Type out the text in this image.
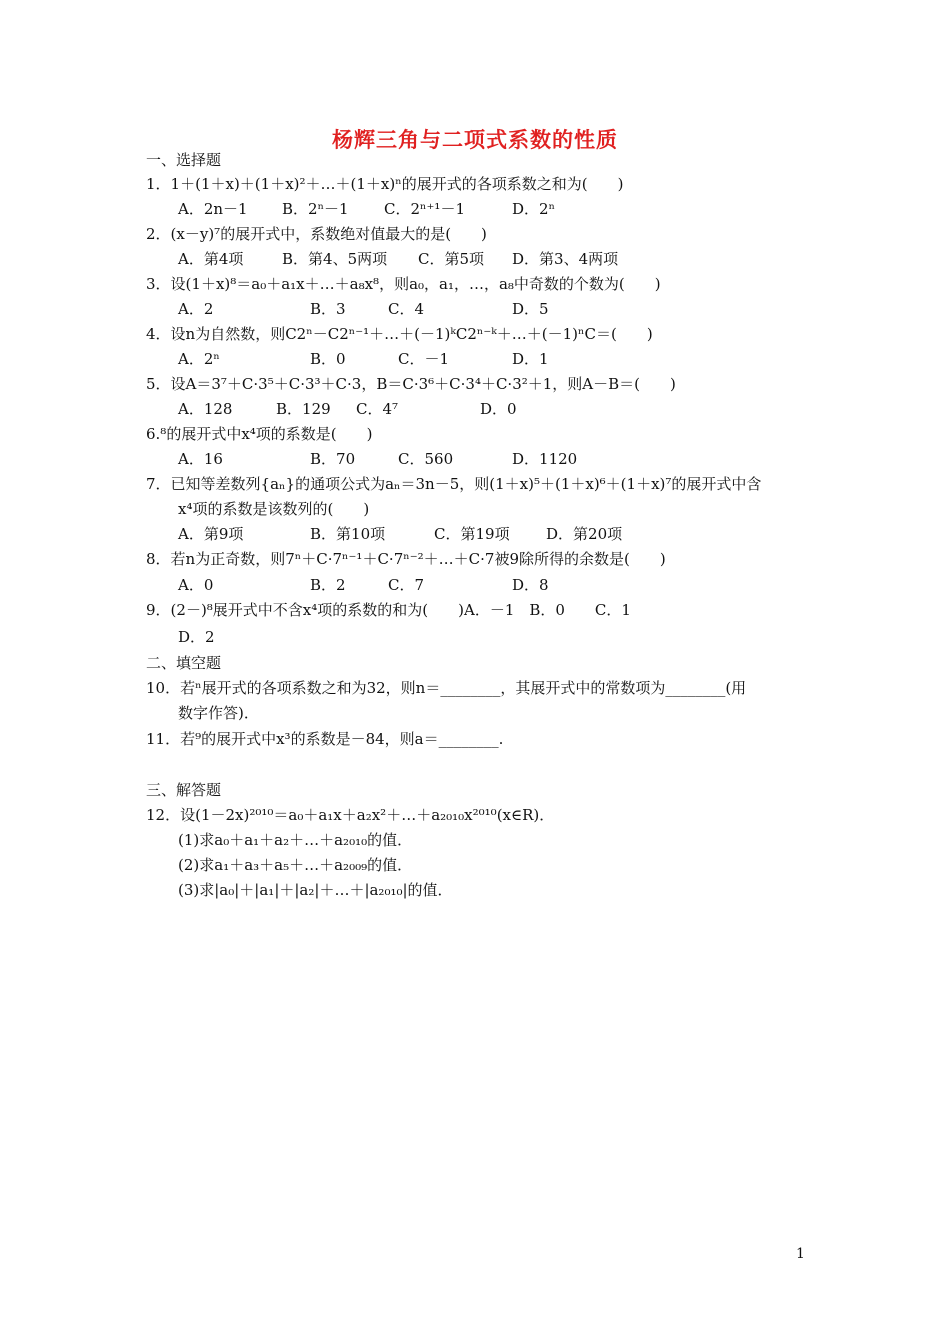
杨辉三角与二项式系数的性质
一、选择题
1．1＋(1＋x)＋(1＋x)²＋…＋(1＋x)ⁿ的展开式的各项系数之和为(　　)
A．2n－1 B．2ⁿ－1 C．2ⁿ⁺¹－1	D．2ⁿ
2．(x－y)⁷的展开式中，系数绝对值最大的是(　　)
A．第4项	B．第4、5两项 C．第5项 D．第3、4两项
3．设(1＋x)⁸＝a₀＋a₁x＋…＋a₈x⁸，则a₀，a₁，…，a₈中奇数的个数为(　　)
A．2	B．3	C．4	D．5
4．设n为自然数，则C2ⁿ－C2ⁿ⁻¹＋…＋(－1)ᵏC2ⁿ⁻ᵏ＋…＋(－1)ⁿC＝(　　)
A．2ⁿ	B．0	C．－1	D．1
5．设A＝3⁷＋C·3⁵＋C·3³＋C·3，B＝C·3⁶＋C·3⁴＋C·3²＋1，则A－B＝(　　)
A．128	B．129 C．4⁷	D．0
6.⁸的展开式中x⁴项的系数是(　　)
A．16	B．70	C．560	D．1120
7．已知等差数列{aₙ}的通项公式为aₙ＝3n－5，则(1＋x)⁵＋(1＋x)⁶＋(1＋x)⁷的展开式中含
x⁴项的系数是该数列的(　　)
A．第9项	B．第10项	C．第19项 D．第20项
8．若n为正奇数，则7ⁿ＋C·7ⁿ⁻¹＋C·7ⁿ⁻²＋…＋C·7被9除所得的余数是(　　)
A．0	B．2	C．7	D．8
9．(2－)⁸展开式中不含x⁴项的系数的和为(　　)A．－1　B．0　　C．1
D．2
二、填空题
10．若ⁿ展开式的各项系数之和为32，则n＝________，其展开式中的常数项为________(用
数字作答)．
11．若⁹的展开式中x³的系数是－84，则a＝________.
三、解答题
12．设(1－2x)²⁰¹⁰＝a₀＋a₁x＋a₂x²＋…＋a₂₀₁₀x²⁰¹⁰(x∈R)．
(1)求a₀＋a₁＋a₂＋…＋a₂₀₁₀的值．
(2)求a₁＋a₃＋a₅＋…＋a₂₀₀₉的值．
(3)求|a₀|＋|a₁|＋|a₂|＋…＋|a₂₀₁₀|的值．
1
